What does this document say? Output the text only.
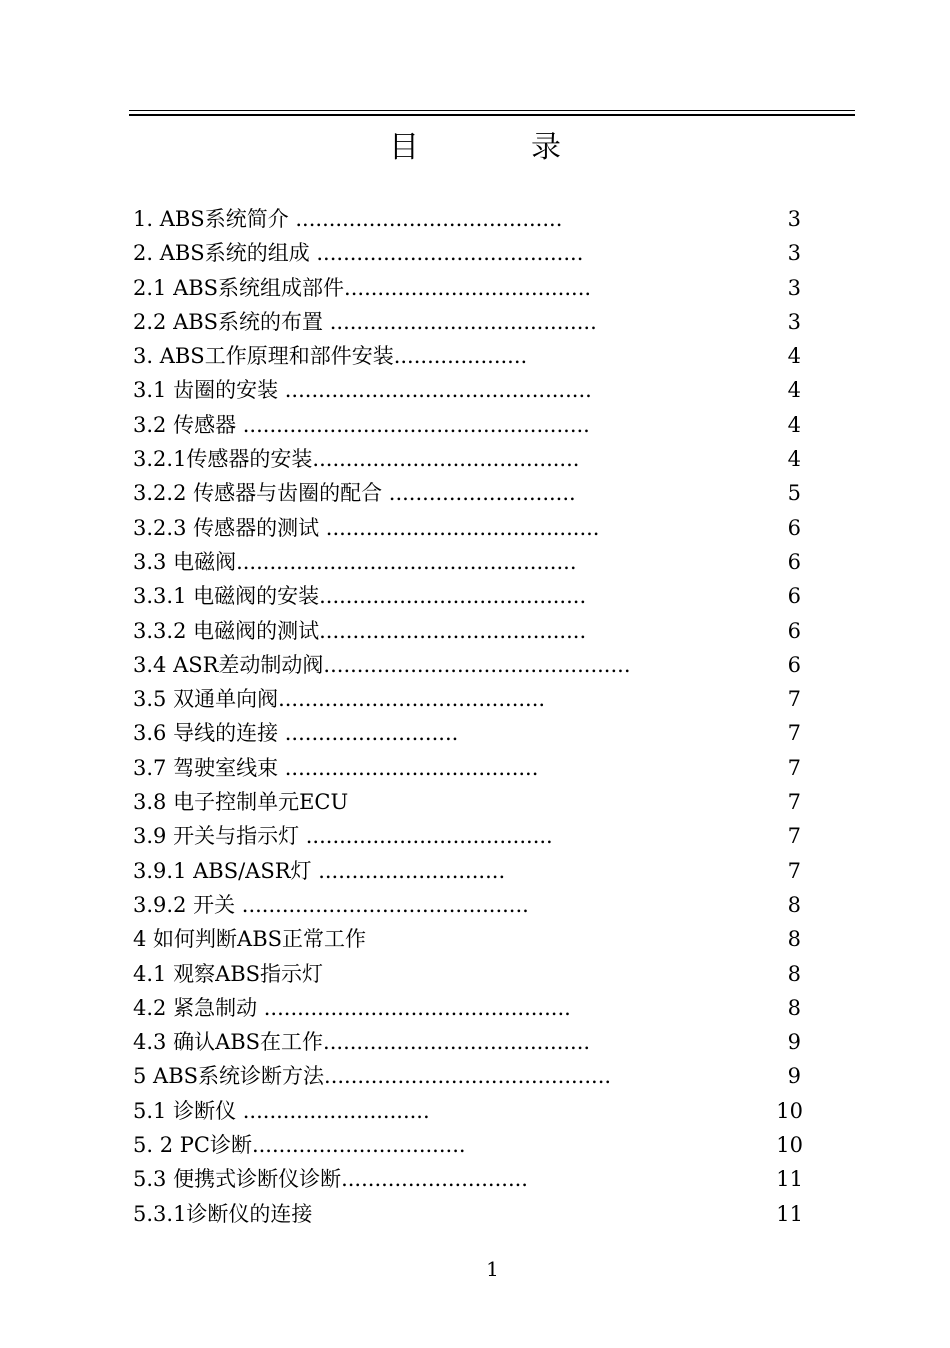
目	录
1. ABS系统简介 ........................................	3
2. ABS系统的组成 ........................................	3
2.1 ABS系统组成部件.....................................	3
2.2 ABS系统的布置 ........................................	3
3. ABS工作原理和部件安装....................	4
3.1 齿圈的安装 ..............................................	4
3.2 传感器 ....................................................	4
3.2.1传感器的安装........................................	4
3.2.2 传感器与齿圈的配合 ............................	5
3.2.3 传感器的测试 .........................................	6
3.3 电磁阀...................................................	6
3.3.1 电磁阀的安装........................................	6
3.3.2 电磁阀的测试........................................	6
3.4 ASR差动制动阀..............................................	6
3.5 双通单向阀........................................	7
3.6 导线的连接 ..........................	7
3.7 驾驶室线束 ......................................	7
3.8 电子控制单元ECU	7
3.9 开关与指示灯 .....................................	7
3.9.1 ABS/ASR灯 ............................	7
3.9.2 开关 ...........................................	8
4 如何判断ABS正常工作	8
4.1 观察ABS指示灯	8
4.2 紧急制动 ..............................................	8
4.3 确认ABS在工作........................................	9
5 ABS系统诊断方法...........................................	9
5.1 诊断仪 ............................	10
5. 2 PC诊断................................	10
5.3 便携式诊断仪诊断............................	11
5.3.1诊断仪的连接	11
1
